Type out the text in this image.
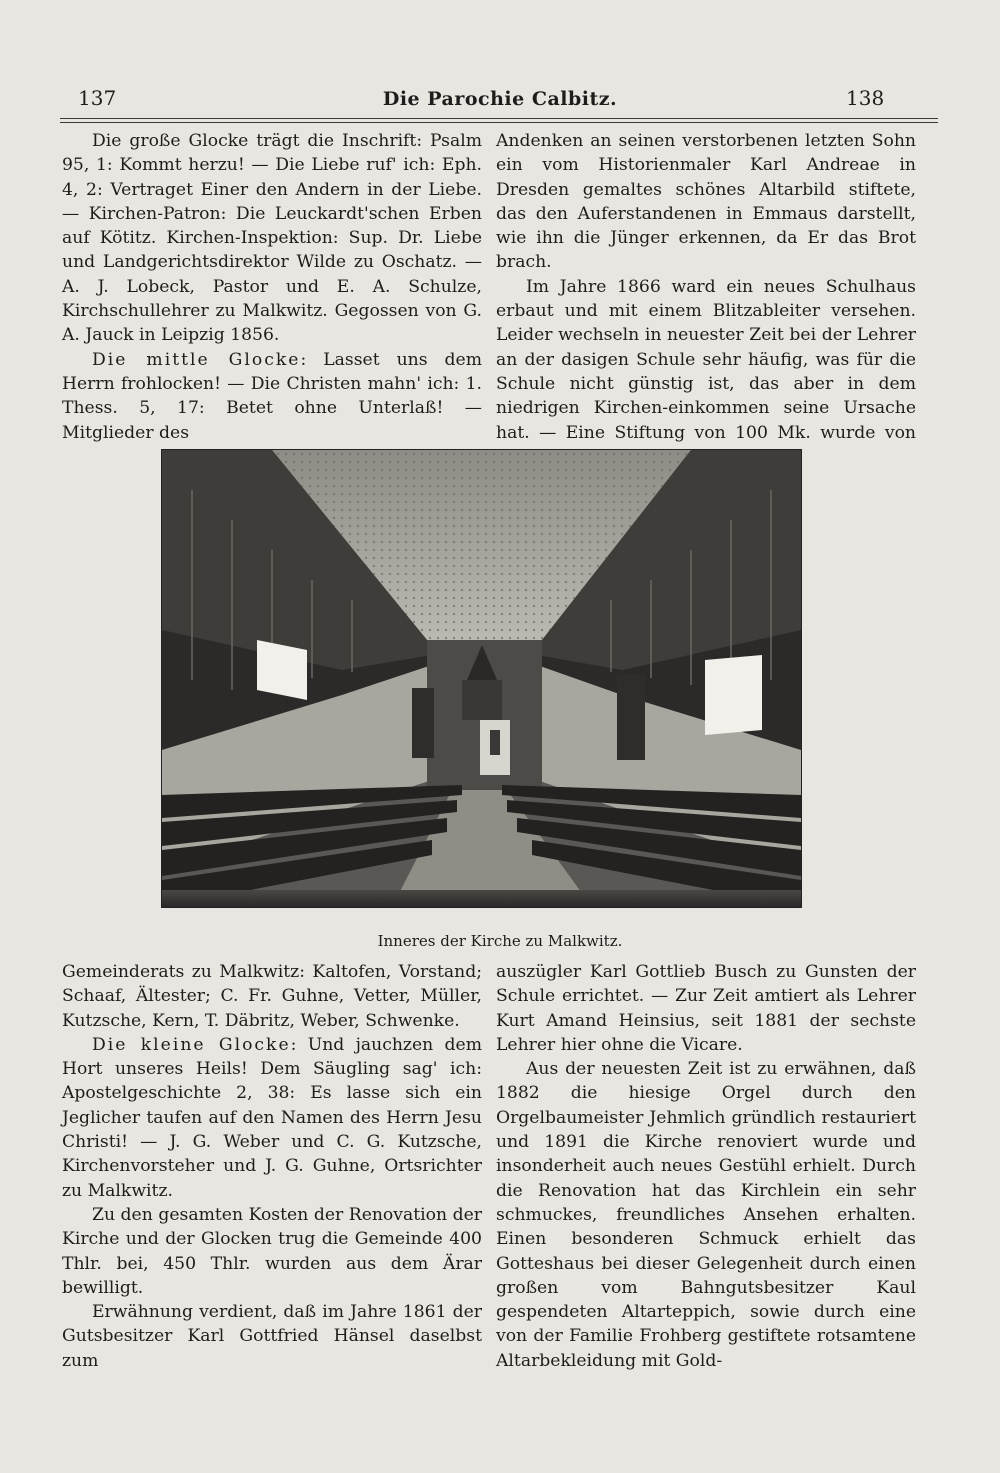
137	Die Parochie Calbitz.	138

Die große Glocke trägt die Inschrift: Psalm 95, 1: Kommt herzu! — Die Liebe ruf' ich: Eph. 4, 2: Vertraget Einer den Andern in der Liebe. — Kirchen-Patron: Die Leuckardt'schen Erben auf Kötitz. Kirchen-Inspektion: Sup. Dr. Liebe und Landgerichtsdirektor Wilde zu Oschatz. — A. J. Lobeck, Pastor und E. A. Schulze, Kirchschullehrer zu Malkwitz. Gegossen von G. A. Jauck in Leipzig 1856.

Die mittle Glocke: Lasset uns dem Herrn frohlocken! — Die Christen mahn' ich: 1. Thess. 5, 17: Betet ohne Unterlaß! — Mitglieder des

Andenken an seinen verstorbenen letzten Sohn ein vom Historienmaler Karl Andreae in Dresden gemaltes schönes Altarbild stiftete, das den Auferstandenen in Emmaus darstellt, wie ihn die Jünger erkennen, da Er das Brot brach.

Im Jahre 1866 ward ein neues Schulhaus erbaut und mit einem Blitzableiter versehen. Leider wechseln in neuester Zeit bei der Lehrer an der dasigen Schule sehr häufig, was für die Schule nicht günstig ist, das aber in dem niedrigen Kirchen-einkommen seine Ursache hat. — Eine Stiftung von 100 Mk. wurde von

Inneres der Kirche zu Malkwitz.

Gemeinderats zu Malkwitz: Kaltofen, Vorstand; Schaaf, Ältester; C. Fr. Guhne, Vetter, Müller, Kutzsche, Kern, T. Däbritz, Weber, Schwenke.

Die kleine Glocke: Und jauchzen dem Hort unseres Heils! Dem Säugling sag' ich: Apostelgeschichte 2, 38: Es lasse sich ein Jeglicher taufen auf den Namen des Herrn Jesu Christi! — J. G. Weber und C. G. Kutzsche, Kirchenvorsteher und J. G. Guhne, Ortsrichter zu Malkwitz.

Zu den gesamten Kosten der Renovation der Kirche und der Glocken trug die Gemeinde 400 Thlr. bei, 450 Thlr. wurden aus dem Ärar bewilligt.

Erwähnung verdient, daß im Jahre 1861 der Gutsbesitzer Karl Gottfried Hänsel daselbst zum

auszügler Karl Gottlieb Busch zu Gunsten der Schule errichtet. — Zur Zeit amtiert als Lehrer Kurt Amand Heinsius, seit 1881 der sechste Lehrer hier ohne die Vicare.

Aus der neuesten Zeit ist zu erwähnen, daß 1882 die hiesige Orgel durch den Orgelbaumeister Jehmlich gründlich restauriert und 1891 die Kirche renoviert wurde und insonderheit auch neues Gestühl erhielt. Durch die Renovation hat das Kirchlein ein sehr schmuckes, freundliches Ansehen erhalten. Einen besonderen Schmuck erhielt das Gotteshaus bei dieser Gelegenheit durch einen großen vom Bahngutsbesitzer Kaul gespendeten Altarteppich, sowie durch eine von der Familie Frohberg gestiftete rotsamtene Altarbekleidung mit Gold-
